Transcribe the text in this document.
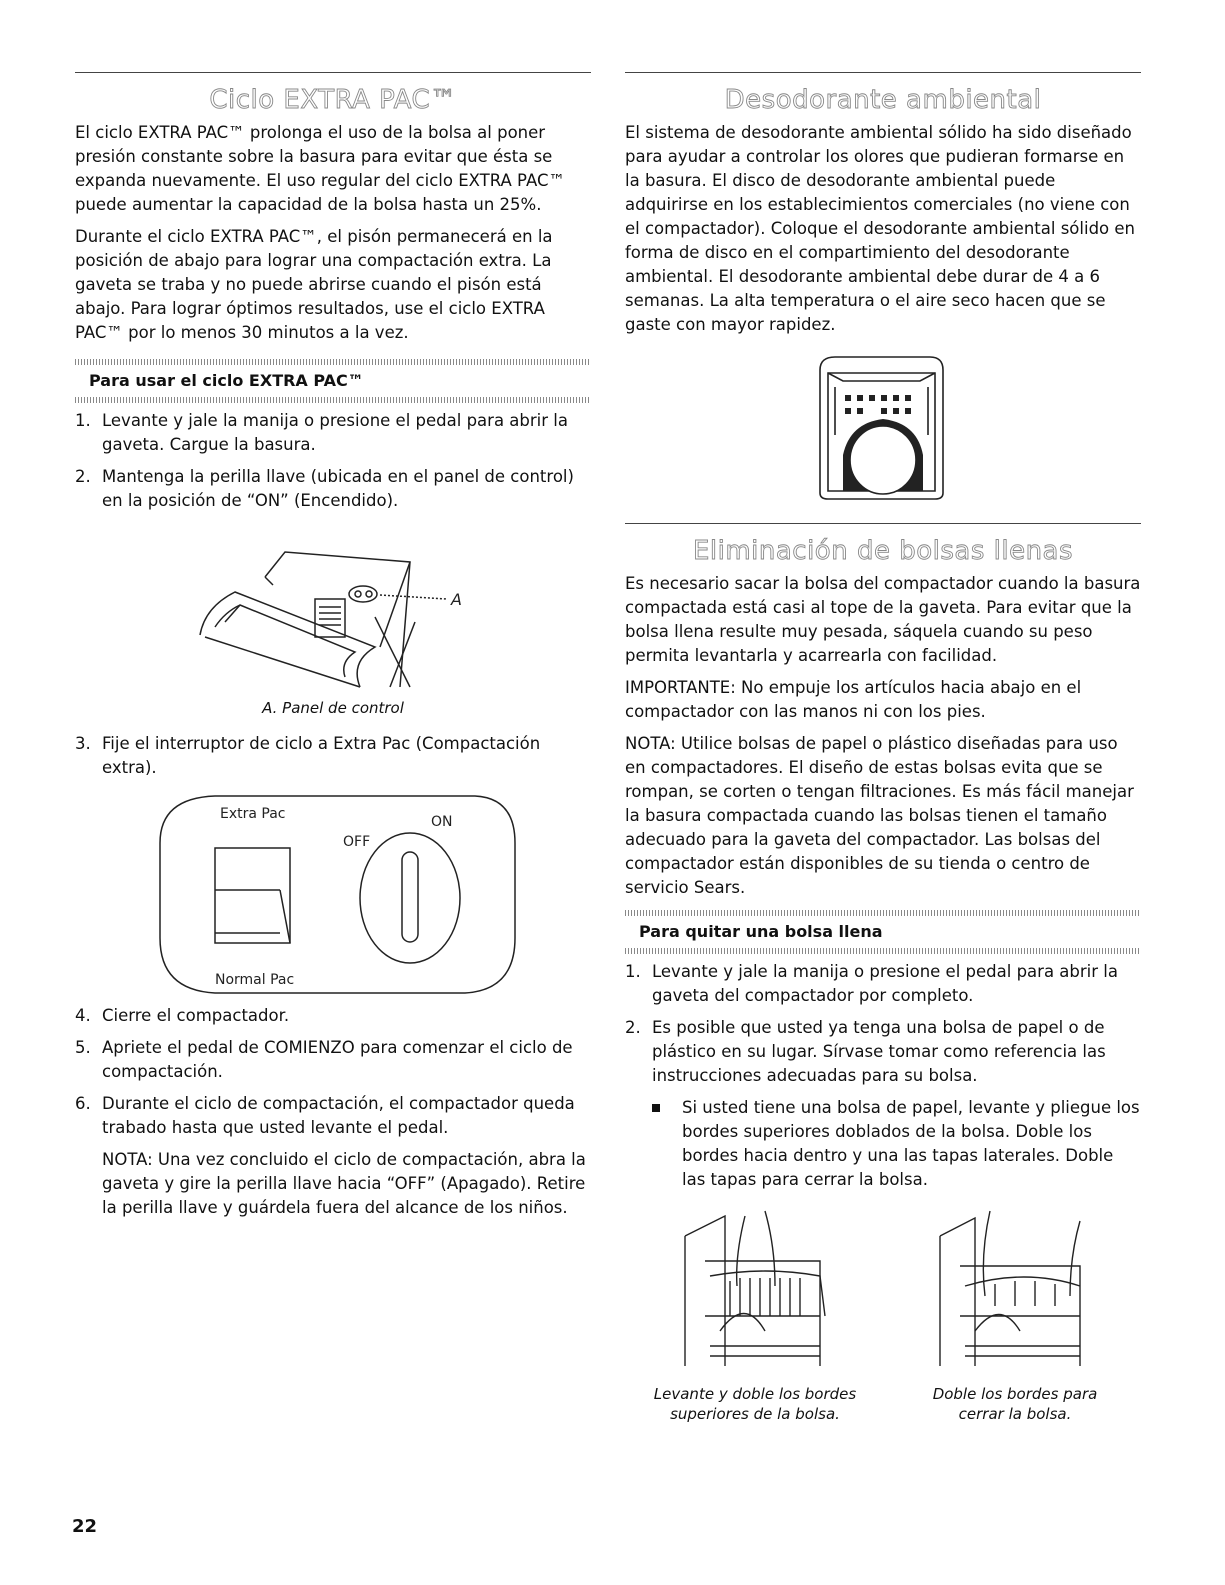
Ciclo EXTRA PAC™

El ciclo EXTRA PAC™ prolonga el uso de la bolsa al poner presión constante sobre la basura para evitar que ésta se expanda nuevamente. El uso regular del ciclo EXTRA PAC™ puede aumentar la capacidad de la bolsa hasta un 25%.

Durante el ciclo EXTRA PAC™, el pisón permanecerá en la posición de abajo para lograr una compactación extra. La gaveta se traba y no puede abrirse cuando el pisón está abajo. Para lograr óptimos resultados, use el ciclo EXTRA PAC™ por lo menos 30 minutos a la vez.

Para usar el ciclo EXTRA PAC™
1. Levante y jale la manija o presione el pedal para abrir la gaveta. Cargue la basura.
2. Mantenga la perilla llave (ubicada en el panel de control) en la posición de “ON” (Encendido).
A
A. Panel de control
3. Fije el interruptor de ciclo a Extra Pac (Compactación extra).
Extra Pac
Normal Pac
ON
OFF
4. Cierre el compactador.
5. Apriete el pedal de COMIENZO para comenzar el ciclo de compactación.
6. Durante el ciclo de compactación, el compactador queda trabado hasta que usted levante el pedal.

NOTA: Una vez concluido el ciclo de compactación, abra la gaveta y gire la perilla llave hacia “OFF” (Apagado). Retire la perilla llave y guárdela fuera del alcance de los niños.

Desodorante ambiental

El sistema de desodorante ambiental sólido ha sido diseñado para ayudar a controlar los olores que pudieran formarse en la basura. El disco de desodorante ambiental puede adquirirse en los establecimientos comerciales (no viene con el compactador). Coloque el desodorante ambiental sólido en forma de disco en el compartimiento del desodorante ambiental. El desodorante ambiental debe durar de 4 a 6 semanas. La alta temperatura o el aire seco hacen que se gaste con mayor rapidez.

Eliminación de bolsas llenas

Es necesario sacar la bolsa del compactador cuando la basura compactada está casi al tope de la gaveta. Para evitar que la bolsa llena resulte muy pesada, sáquela cuando su peso permita levantarla y acarrearla con facilidad.

IMPORTANTE: No empuje los artículos hacia abajo en el compactador con las manos ni con los pies.

NOTA: Utilice bolsas de papel o plástico diseñadas para uso en compactadores. El diseño de estas bolsas evita que se rompan, se corten o tengan filtraciones. Es más fácil manejar la basura compactada cuando las bolsas tienen el tamaño adecuado para la gaveta del compactador. Las bolsas del compactador están disponibles de su tienda o centro de servicio Sears.

Para quitar una bolsa llena
1. Levante y jale la manija o presione el pedal para abrir la gaveta del compactador por completo.
2. Es posible que usted ya tenga una bolsa de papel o de plástico en su lugar. Sírvase tomar como referencia las instrucciones adecuadas para su bolsa.
Si usted tiene una bolsa de papel, levante y pliegue los bordes superiores doblados de la bolsa. Doble los bordes hacia dentro y una las tapas laterales. Doble las tapas para cerrar la bolsa.
Levante y doble los bordes superiores de la bolsa.
Doble los bordes para cerrar la bolsa.
22
